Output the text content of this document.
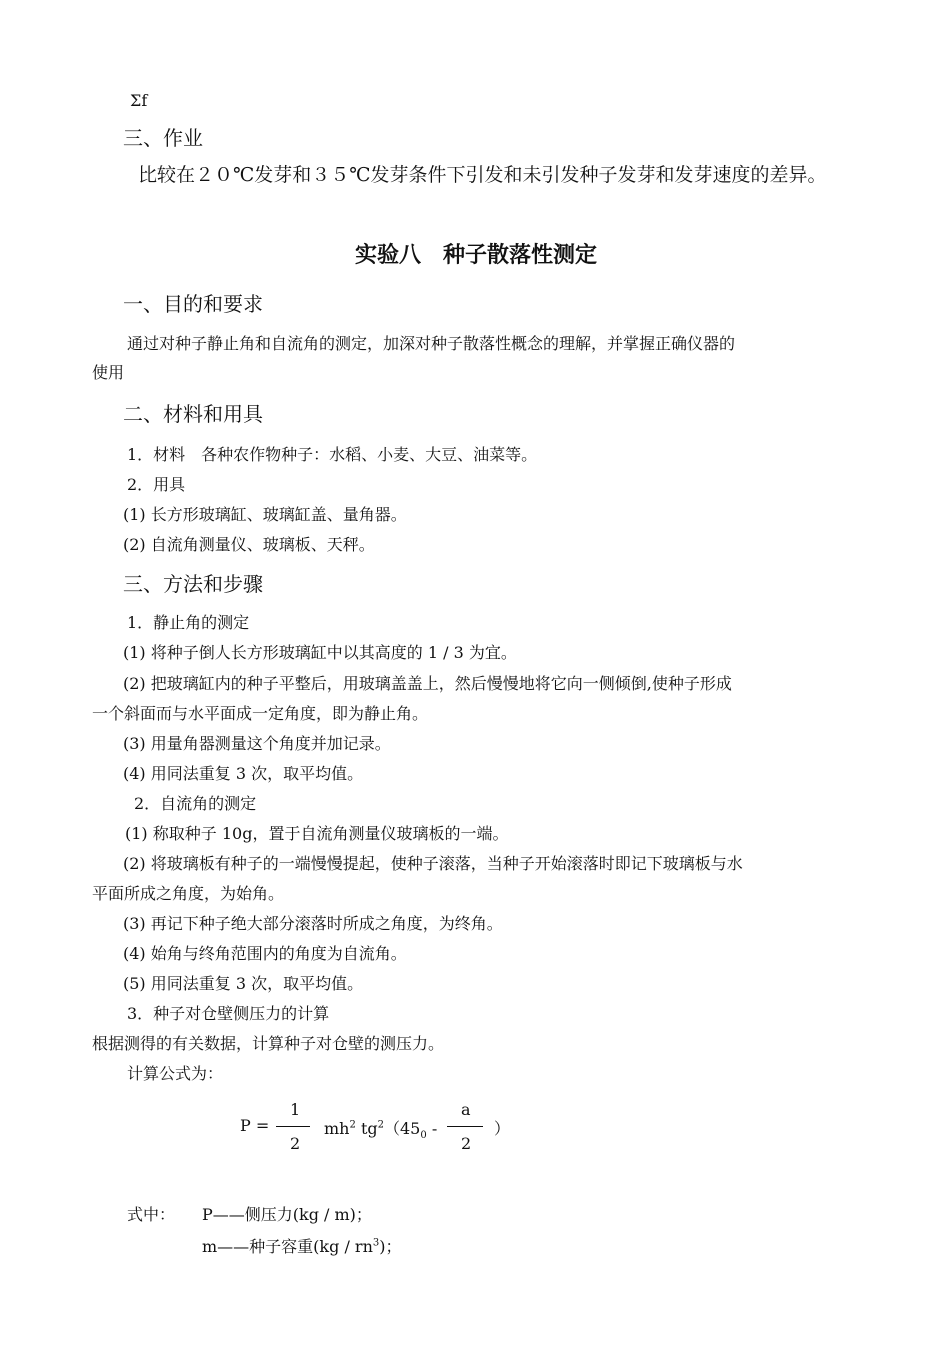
Σf
三、作业
比较在２０℃发芽和３５℃发芽条件下引发和未引发种子发芽和发芽速度的差异。
实验八　种子散落性测定
一、目的和要求
通过对种子静止角和自流角的测定，加深对种子散落性概念的理解，并掌握正确仪器的
使用
二、材料和用具
1．材料　各种农作物种子：水稻、小麦、大豆、油菜等。
2．用具
(1) 长方形玻璃缸、玻璃缸盖、量角器。
(2) 自流角测量仪、玻璃板、天秤。
三、方法和步骤
1．静止角的测定
(1) 将种子倒人长方形玻璃缸中以其高度的 1 / 3 为宜。
(2) 把玻璃缸内的种子平整后，用玻璃盖盖上，然后慢慢地将它向一侧倾倒,使种子形成
一个斜面而与水平面成一定角度，即为静止角。
(3) 用量角器测量这个角度并加记录。
(4) 用同法重复 3 次，取平均值。
2．自流角的测定
(1) 称取种子 10g，置于自流角测量仪玻璃板的一端。
(2) 将玻璃板有种子的一端慢慢提起，使种子滚落，当种子开始滚落时即记下玻璃板与水
平面所成之角度，为始角。
(3) 再记下种子绝大部分滚落时所成之角度，为终角。
(4) 始角与终角范围内的角度为自流角。
(5) 用同法重复 3 次，取平均值。
3．种子对仓壁侧压力的计算
根据测得的有关数据，计算种子对仓壁的测压力。
计算公式为：
P =
1
2
$mh^2$ $tg^2(45_0$ -
a
2
）
式中： P——侧压力(kg / m)；
m——种子容重$(kg / rn^3)$；
